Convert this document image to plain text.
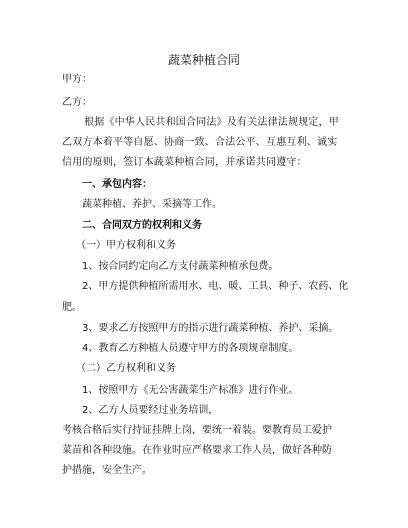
蔬菜种植合同
甲方：
乙方：
根据《中华人民共和国合同法》及有关法律法规规定，甲
乙双方本着平等自愿、协商一致、合法公平、互惠互利、诚实
信用的原则，签订本蔬菜种植合同，并承诺共同遵守：
一、承包内容：
蔬菜种植、养护、采摘等工作。
二、合同双方的权利和义务
（一）甲方权利和义务
1、按合同约定向乙方支付蔬菜种植承包费。
2、甲方提供种植所需用水、电、暖、工具、种子、农药、化
肥。
3、要求乙方按照甲方的指示进行蔬菜种植、养护、采摘。
4、教育乙方种植人员遵守甲方的各项规章制度。
（二）乙方权利和义务
1、按照甲方《无公害蔬菜生产标准》进行作业。
2、乙方人员要经过业务培训，
考核合格后实行持证挂牌上岗，要统一着装。要教育员工爱护
菜苗和各种设施。在作业时应严格要求工作人员，做好各种防
护措施，安全生产。
